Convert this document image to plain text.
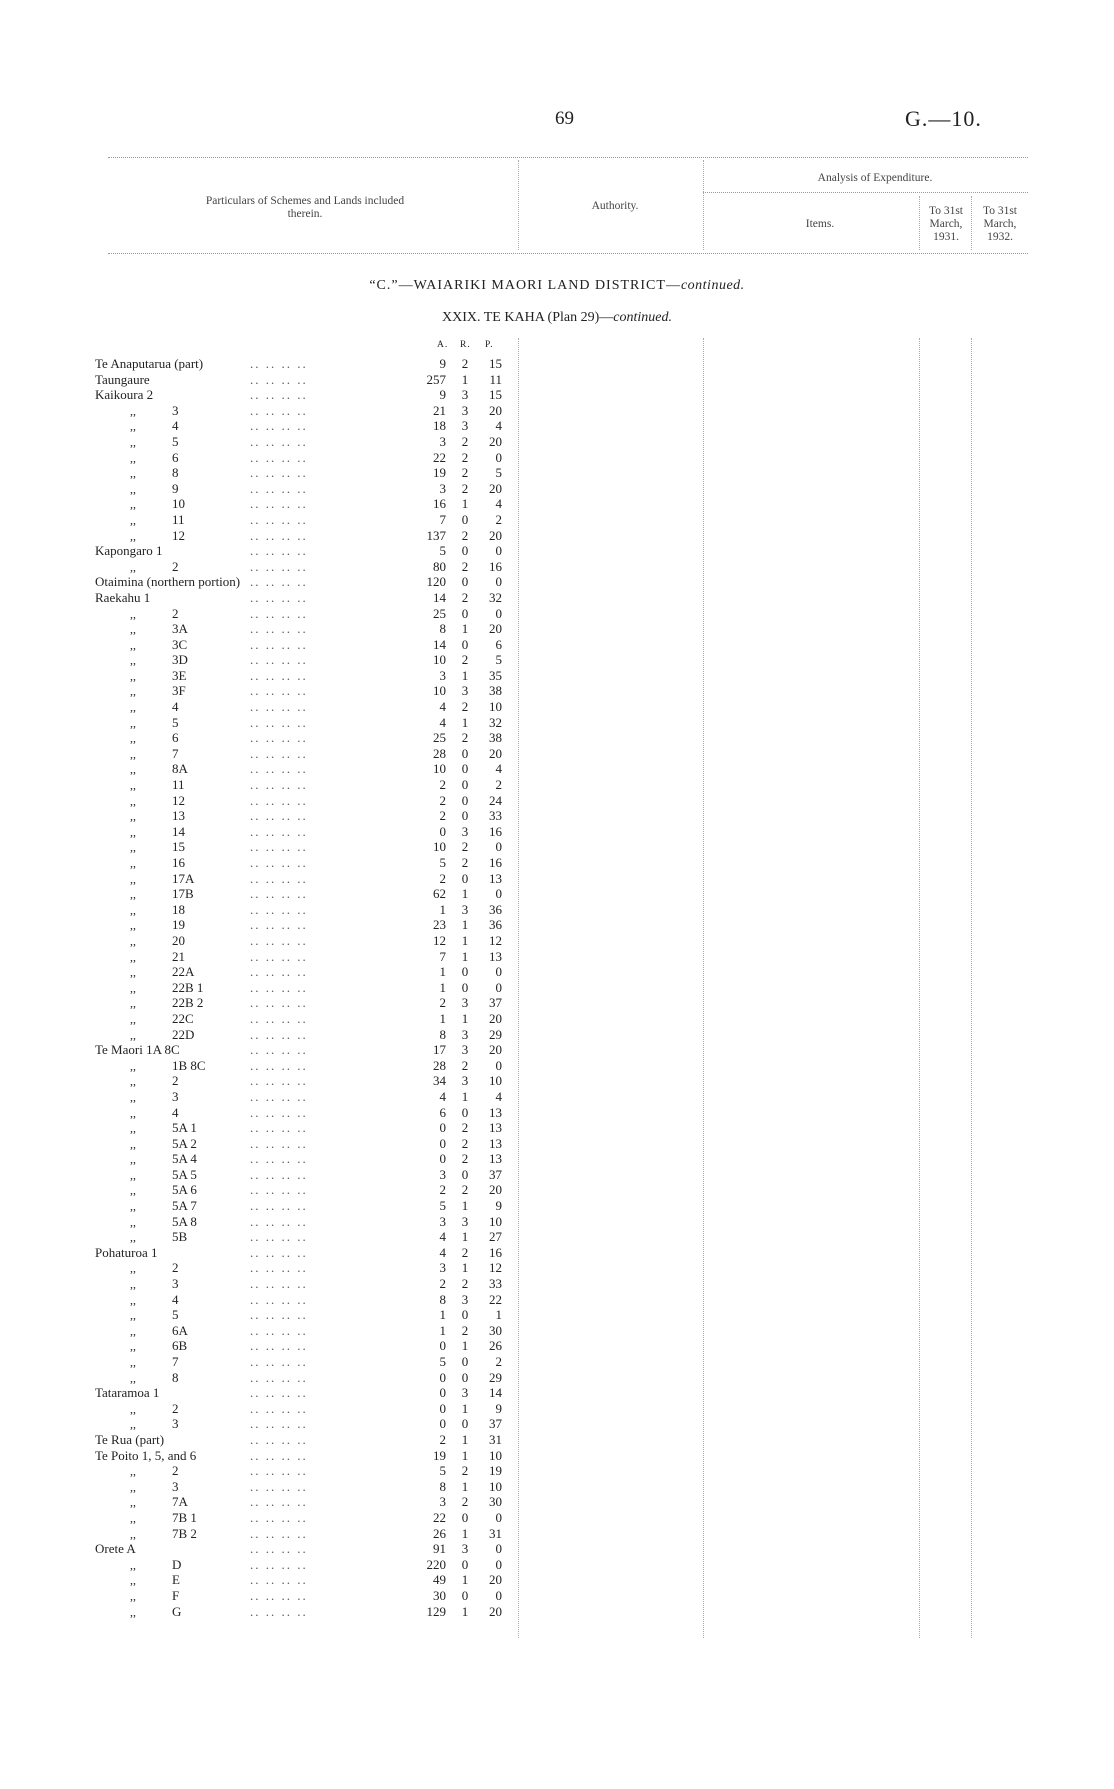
69	G.—10.
Particulars of Schemes and Lands included therein.
Authority.
Analysis of Expenditure.
Items.
To 31st March, 1931.
To 31st March, 1932.
“C.”—WAIARIKI MAORI LAND DISTRICT—continued.
XXIX. TE KAHA (Plan 29)—continued.
A. R. P.
Te Anaputarua (part)	.. .. .. ..	9 2	15
Taungaure	.. .. .. ..	257 1	11
Kaikoura 2	.. .. .. ..	9 3	15
,,	3	.. .. .. ..	21 3	20
,,	4	.. .. .. ..	18 3	4
,,	5	.. .. .. ..	3 2	20
,,	6	.. .. .. ..	22 2	0
,,	8	.. .. .. ..	19 2	5
,,	9	.. .. .. ..	3 2	20
,,	10	.. .. .. ..	16 1	4
,,	11	.. .. .. ..	7 0	2
,,	12	.. .. .. ..	137 2	20
Kapongaro 1	.. .. .. ..	5 0	0
,,	2	.. .. .. ..	80 2	16
Otaimina (northern portion) .. .. .. ..	120 0	0
Raekahu 1	.. .. .. ..	14 2	32
,,	2	.. .. .. ..	25 0	0
,,	3A	.. .. .. ..	8 1	20
,,	3C	.. .. .. ..	14 0	6
,,	3D	.. .. .. ..	10 2	5
,,	3E	.. .. .. ..	3 1	35
,,	3F	.. .. .. ..	10 3	38
,,	4	.. .. .. ..	4 2	10
,,	5	.. .. .. ..	4 1	32
,,	6	.. .. .. ..	25 2	38
,,	7	.. .. .. ..	28 0	20
,,	8A	.. .. .. ..	10 0	4
,,	11	.. .. .. ..	2 0	2
,,	12	.. .. .. ..	2 0	24
,,	13	.. .. .. ..	2 0	33
,,	14	.. .. .. ..	0 3	16
,,	15	.. .. .. ..	10 2	0
,,	16	.. .. .. ..	5 2	16
,,	17A	.. .. .. ..	2 0	13
,,	17B	.. .. .. ..	62 1	0
,,	18	.. .. .. ..	1 3	36
,,	19	.. .. .. ..	23 1	36
,,	20	.. .. .. ..	12 1	12
,,	21	.. .. .. ..	7 1	13
,,	22A	.. .. .. ..	1 0	0
,,	22B 1	.. .. .. ..	1 0	0
,,	22B 2	.. .. .. ..	2 3	37
,,	22C	.. .. .. ..	1 1	20
,,	22D	.. .. .. ..	8 3	29
Te Maori 1A 8C	.. .. .. ..	17 3	20
,,	1B 8C	.. .. .. ..	28 2	0
,,	2	.. .. .. ..	34 3	10
,,	3	.. .. .. ..	4 1	4
,,	4	.. .. .. ..	6 0	13
,,	5A 1	.. .. .. ..	0 2	13
,,	5A 2	.. .. .. ..	0 2	13
,,	5A 4	.. .. .. ..	0 2	13
,,	5A 5	.. .. .. ..	3 0	37
,,	5A 6	.. .. .. ..	2 2	20
,,	5A 7	.. .. .. ..	5 1	9
,,	5A 8	.. .. .. ..	3 3	10
,,	5B	.. .. .. ..	4 1	27
Pohaturoa 1	.. .. .. ..	4 2	16
,,	2	.. .. .. ..	3 1	12
,,	3	.. .. .. ..	2 2	33
,,	4	.. .. .. ..	8 3	22
,,	5	.. .. .. ..	1 0	1
,,	6A	.. .. .. ..	1 2	30
,,	6B	.. .. .. ..	0 1	26
,,	7	.. .. .. ..	5 0	2
,,	8	.. .. .. ..	0 0	29
Tataramoa 1	.. .. .. ..	0 3	14
,,	2	.. .. .. ..	0 1	9
,,	3	.. .. .. ..	0 0	37
Te Rua (part)	.. .. .. ..	2 1	31
Te Poito 1, 5, and 6	.. .. .. ..	19 1	10
,,	2	.. .. .. ..	5 2	19
,,	3	.. .. .. ..	8 1	10
,,	7A	.. .. .. ..	3 2	30
,,	7B 1	.. .. .. ..	22 0	0
,,	7B 2	.. .. .. ..	26 1	31
Orete A	.. .. .. ..	91 3	0
,,	D	.. .. .. ..	220 0	0
,,	E	.. .. .. ..	49 1	20
,,	F	.. .. .. ..	30 0	0
,,	G	.. .. .. ..	129 1	20
